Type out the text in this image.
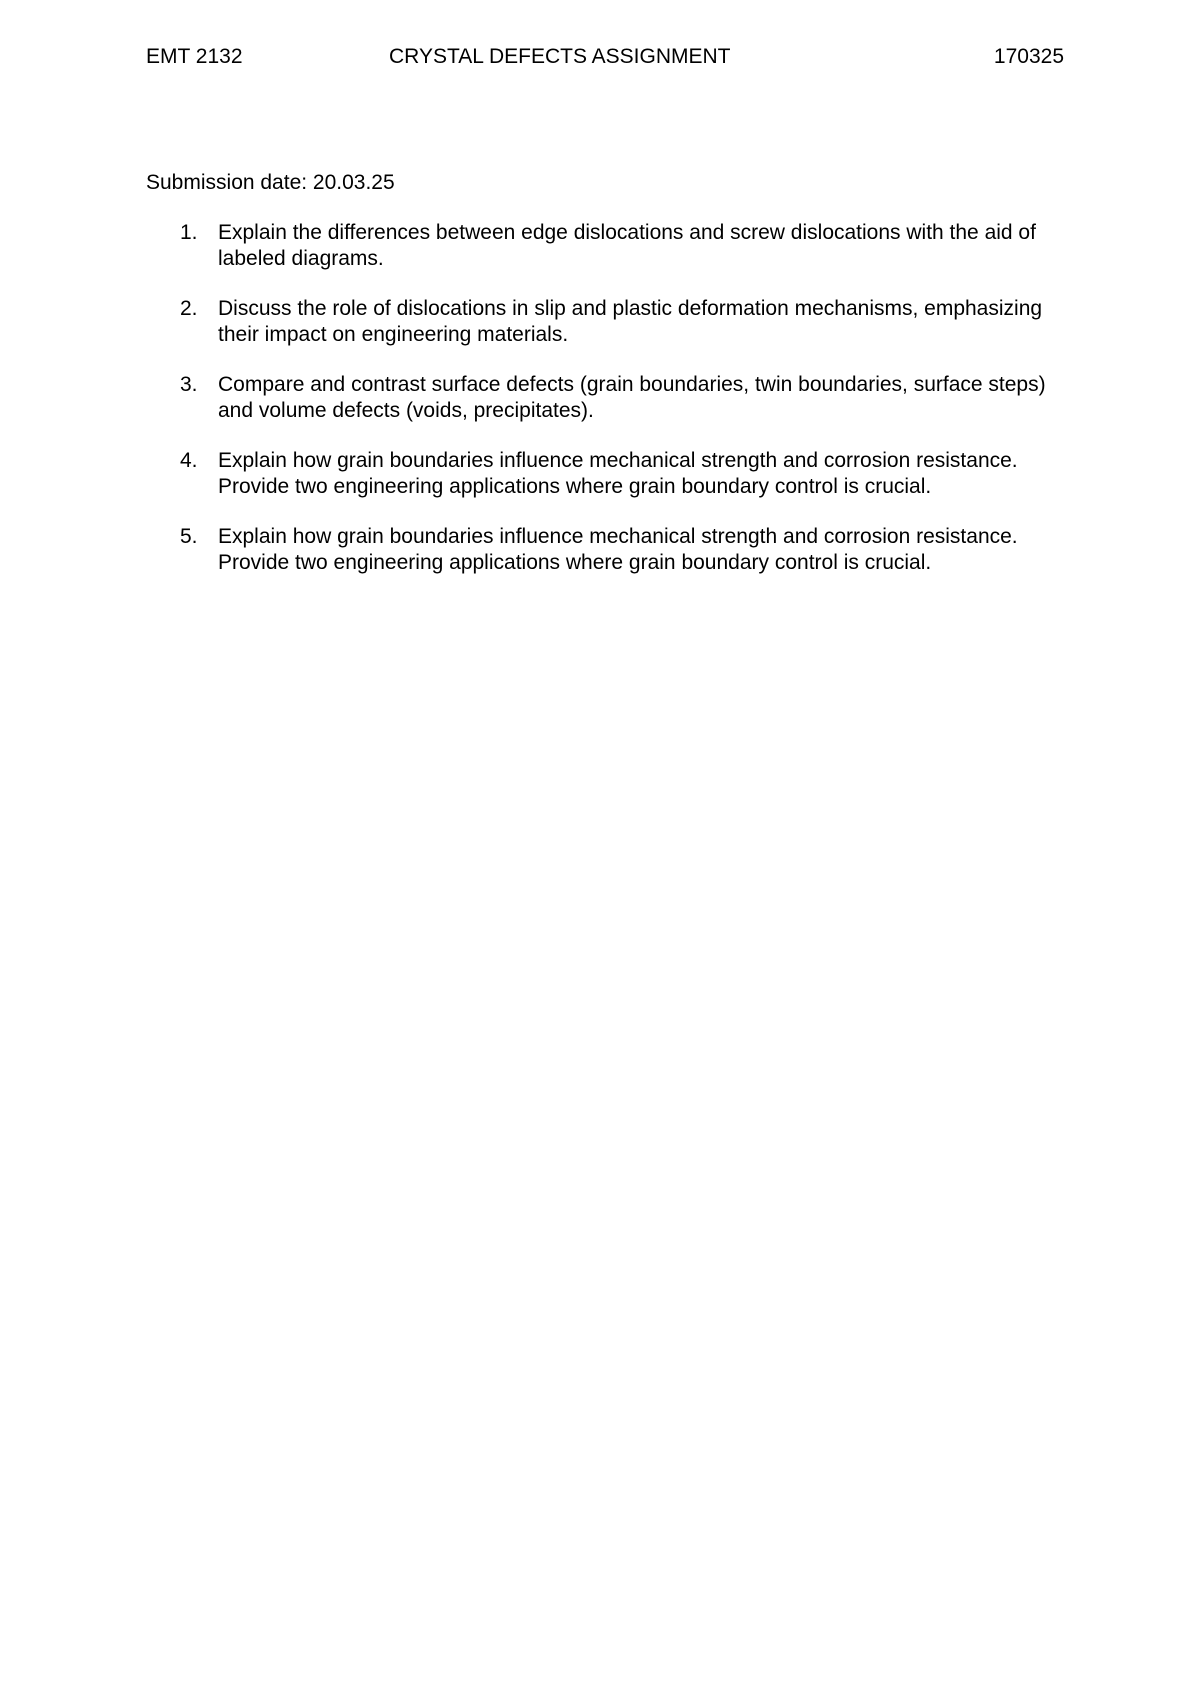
EMT 2132	CRYSTAL DEFECTS ASSIGNMENT	170325
Submission date: 20.03.25
1. Explain the differences between edge dislocations and screw dislocations with the aid of labeled diagrams.
2. Discuss the role of dislocations in slip and plastic deformation mechanisms, emphasizing their impact on engineering materials.
3. Compare and contrast surface defects (grain boundaries, twin boundaries, surface steps) and volume defects (voids, precipitates).
4. Explain how grain boundaries influence mechanical strength and corrosion resistance. Provide two engineering applications where grain boundary control is crucial.
5. Explain how grain boundaries influence mechanical strength and corrosion resistance. Provide two engineering applications where grain boundary control is crucial.
